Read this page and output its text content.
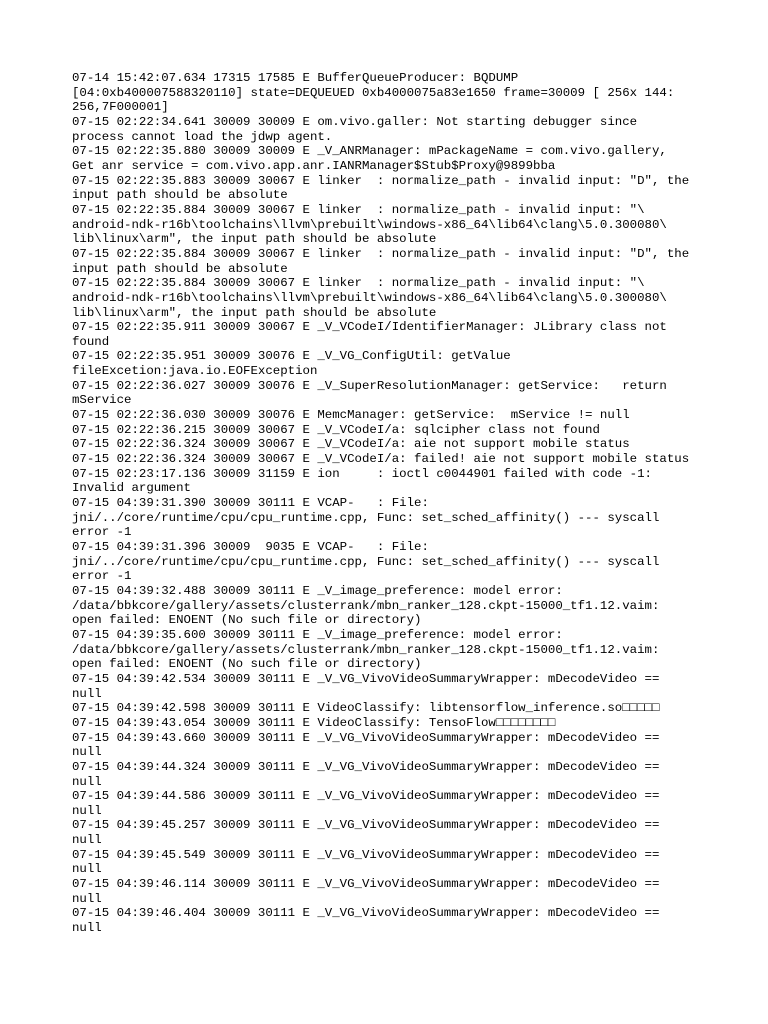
07-14 15:42:07.634 17315 17585 E BufferQueueProducer: BQDUMP
[04:0xb400007588320110] state=DEQUEUED 0xb4000075a83e1650 frame=30009 [ 256x 144:
256,7F000001]
07-15 02:22:34.641 30009 30009 E om.vivo.galler: Not starting debugger since
process cannot load the jdwp agent.
07-15 02:22:35.880 30009 30009 E _V_ANRManager: mPackageName = com.vivo.gallery,
Get anr service = com.vivo.app.anr.IANRManager$Stub$Proxy@9899bba
07-15 02:22:35.883 30009 30067 E linker  : normalize_path - invalid input: "D", the
input path should be absolute
07-15 02:22:35.884 30009 30067 E linker  : normalize_path - invalid input: "\
android-ndk-r16b\toolchains\llvm\prebuilt\windows-x86_64\lib64\clang\5.0.300080\
lib\linux\arm", the input path should be absolute
07-15 02:22:35.884 30009 30067 E linker  : normalize_path - invalid input: "D", the
input path should be absolute
07-15 02:22:35.884 30009 30067 E linker  : normalize_path - invalid input: "\
android-ndk-r16b\toolchains\llvm\prebuilt\windows-x86_64\lib64\clang\5.0.300080\
lib\linux\arm", the input path should be absolute
07-15 02:22:35.911 30009 30067 E _V_VCodeI/IdentifierManager: JLibrary class not
found
07-15 02:22:35.951 30009 30076 E _V_VG_ConfigUtil: getValue
fileExcetion:java.io.EOFException
07-15 02:22:36.027 30009 30076 E _V_SuperResolutionManager: getService:   return
mService
07-15 02:22:36.030 30009 30076 E MemcManager: getService:  mService != null
07-15 02:22:36.215 30009 30067 E _V_VCodeI/a: sqlcipher class not found
07-15 02:22:36.324 30009 30067 E _V_VCodeI/a: aie not support mobile status
07-15 02:22:36.324 30009 30067 E _V_VCodeI/a: failed! aie not support mobile status
07-15 02:23:17.136 30009 31159 E ion     : ioctl c0044901 failed with code -1:
Invalid argument
07-15 04:39:31.390 30009 30111 E VCAP-   : File:
jni/../core/runtime/cpu/cpu_runtime.cpp, Func: set_sched_affinity() --- syscall
error -1
07-15 04:39:31.396 30009  9035 E VCAP-   : File:
jni/../core/runtime/cpu/cpu_runtime.cpp, Func: set_sched_affinity() --- syscall
error -1
07-15 04:39:32.488 30009 30111 E _V_image_preference: model error:
/data/bbkcore/gallery/assets/clusterrank/mbn_ranker_128.ckpt-15000_tf1.12.vaim:
open failed: ENOENT (No such file or directory)
07-15 04:39:35.600 30009 30111 E _V_image_preference: model error:
/data/bbkcore/gallery/assets/clusterrank/mbn_ranker_128.ckpt-15000_tf1.12.vaim:
open failed: ENOENT (No such file or directory)
07-15 04:39:42.534 30009 30111 E _V_VG_VivoVideoSummaryWrapper: mDecodeVideo ==
null
07-15 04:39:42.598 30009 30111 E VideoClassify: libtensorflow_inference.so□□□□□
07-15 04:39:43.054 30009 30111 E VideoClassify: TensoFlow□□□□□□□□
07-15 04:39:43.660 30009 30111 E _V_VG_VivoVideoSummaryWrapper: mDecodeVideo ==
null
07-15 04:39:44.324 30009 30111 E _V_VG_VivoVideoSummaryWrapper: mDecodeVideo ==
null
07-15 04:39:44.586 30009 30111 E _V_VG_VivoVideoSummaryWrapper: mDecodeVideo ==
null
07-15 04:39:45.257 30009 30111 E _V_VG_VivoVideoSummaryWrapper: mDecodeVideo ==
null
07-15 04:39:45.549 30009 30111 E _V_VG_VivoVideoSummaryWrapper: mDecodeVideo ==
null
07-15 04:39:46.114 30009 30111 E _V_VG_VivoVideoSummaryWrapper: mDecodeVideo ==
null
07-15 04:39:46.404 30009 30111 E _V_VG_VivoVideoSummaryWrapper: mDecodeVideo ==
null
